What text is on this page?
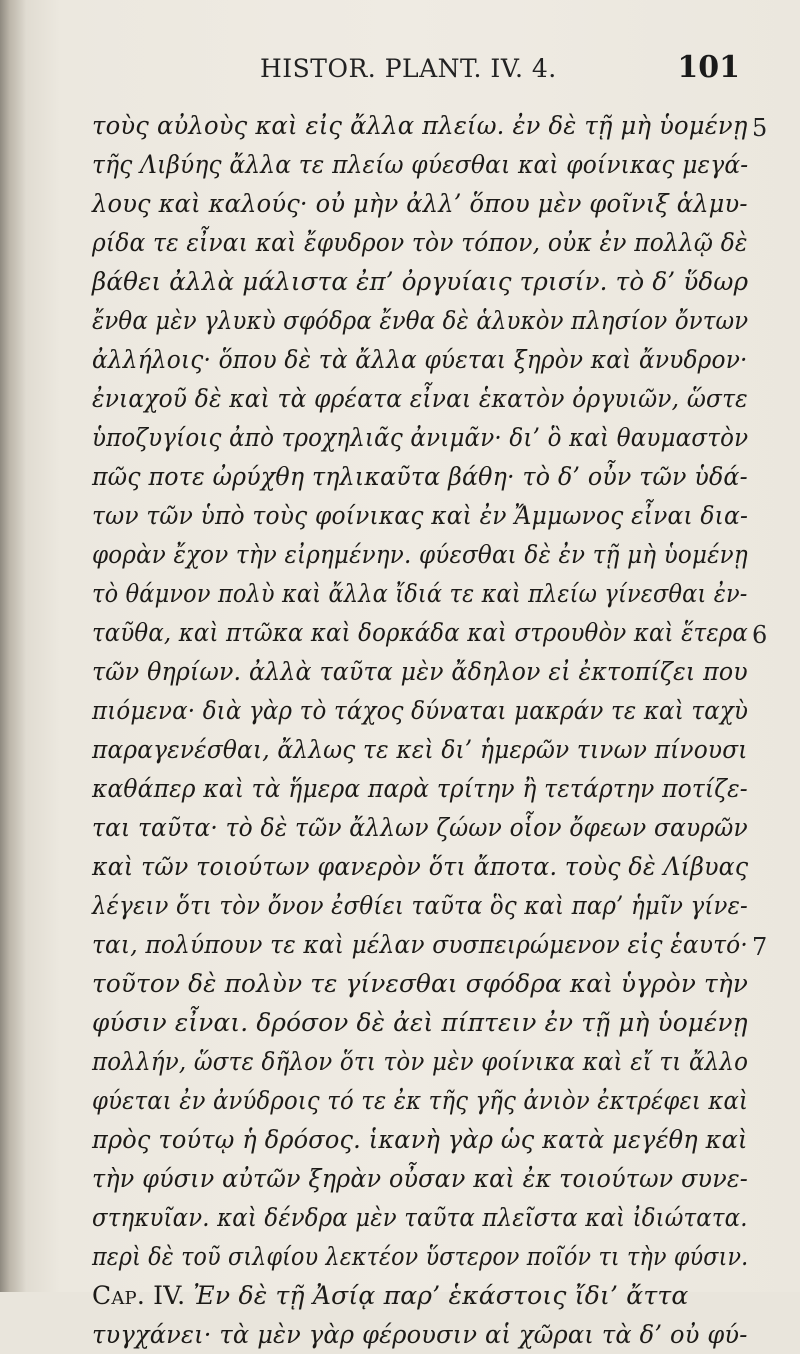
HISTOR. PLANT. IV. 4.	101
τοὺς αὐλοὺς καὶ εἰς ἄλλα πλείω. ἐν δὲ τῇ μὴ ὑομένῃ
τῆς Λιβύης ἄλλα τε πλείω φύεσθαι καὶ φοίνικας μεγά-
λους καὶ καλούς· οὐ μὴν ἀλλ’ ὅπου μὲν φοῖνιξ ἁλμυ-
ρίδα τε εἶναι καὶ ἔφυδρον τὸν τόπον, οὐκ ἐν πολλῷ δὲ
βάθει ἀλλὰ μάλιστα ἐπ’ ὀργυίαις τρισίν. τὸ δ’ ὕδωρ
ἔνθα μὲν γλυκὺ σφόδρα ἔνθα δὲ ἁλυκὸν πλησίον ὄντων
ἀλλήλοις· ὅπου δὲ τὰ ἄλλα φύεται ξηρὸν καὶ ἄνυδρον·
ἐνιαχοῦ δὲ καὶ τὰ φρέατα εἶναι ἑκατὸν ὀργυιῶν, ὥστε
ὑποζυγίοις ἀπὸ τροχηλιᾶς ἀνιμᾶν· δι’ ὃ καὶ θαυμαστὸν
πῶς ποτε ὠρύχθη τηλικαῦτα βάθη· τὸ δ’ οὖν τῶν ὑδά-
των τῶν ὑπὸ τοὺς φοίνικας καὶ ἐν Ἄμμωνος εἶναι δια-
φορὰν ἔχον τὴν εἰρημένην. φύεσθαι δὲ ἐν τῇ μὴ ὑομένῃ
τὸ θάμνον πολὺ καὶ ἄλλα ἴδιά τε καὶ πλείω γίνεσθαι ἐν-
ταῦθα, καὶ πτῶκα καὶ δορκάδα καὶ στρουθὸν καὶ ἕτερα
τῶν θηρίων. ἀλλὰ ταῦτα μὲν ἄδηλον εἰ ἐκτοπίζει που
πιόμενα· διὰ γὰρ τὸ τάχος δύναται μακράν τε καὶ ταχὺ
παραγενέσθαι, ἄλλως τε κεὶ δι’ ἡμερῶν τινων πίνουσι
καθάπερ καὶ τὰ ἥμερα παρὰ τρίτην ἢ τετάρτην ποτίζε-
ται ταῦτα· τὸ δὲ τῶν ἄλλων ζώων οἷον ὄφεων σαυρῶν
καὶ τῶν τοιούτων φανερὸν ὅτι ἄποτα. τοὺς δὲ Λίβυας
λέγειν ὅτι τὸν ὄνον ἐσθίει ταῦτα ὃς καὶ παρ’ ἡμῖν γίνε-
ται, πολύπουν τε καὶ μέλαν συσπειρώμενον εἰς ἑαυτό·
τοῦτον δὲ πολὺν τε γίνεσθαι σφόδρα καὶ ὑγρὸν τὴν
φύσιν εἶναι. δρόσον δὲ ἀεὶ πίπτειν ἐν τῇ μὴ ὑομένῃ
πολλήν, ὥστε δῆλον ὅτι τὸν μὲν φοίνικα καὶ εἴ τι ἄλλο
φύεται ἐν ἀνύδροις τό τε ἐκ τῆς γῆς ἀνιὸν ἐκτρέφει καὶ
πρὸς τούτῳ ἡ δρόσος. ἱκανὴ γὰρ ὡς κατὰ μεγέθη καὶ
τὴν φύσιν αὐτῶν ξηρὰν οὖσαν καὶ ἐκ τοιούτων συνε-
στηκυῖαν. καὶ δένδρα μὲν ταῦτα πλεῖστα καὶ ἰδιώτατα.
περὶ δὲ τοῦ σιλφίου λεκτέον ὕστερον ποῖόν τι τὴν φύσιν.
Cap. IV. Ἐν δὲ τῇ Ἀσίᾳ παρ’ ἑκάστοις ἴδι’ ἄττα
τυγχάνει· τὰ μὲν γὰρ φέρουσιν αἱ χῶραι τὰ δ’ οὐ φύ-
5
6
7
